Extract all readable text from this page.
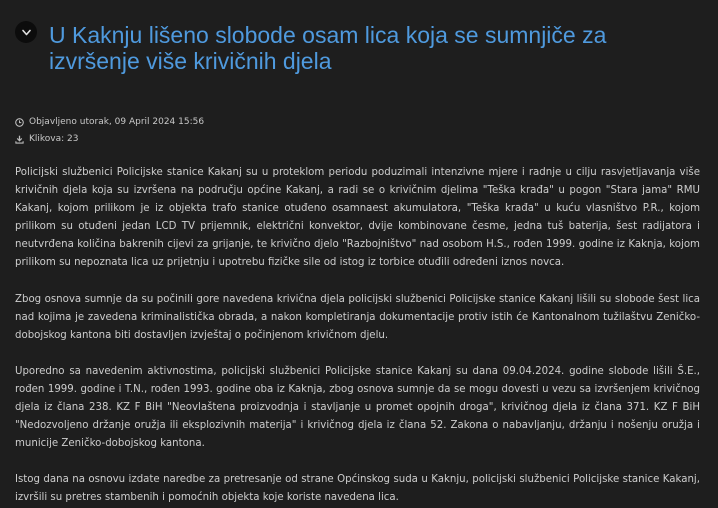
U Kaknju lišeno slobode osam lica koja se sumnjiče za izvršenje više krivičnih djela
Objavljeno utorak, 09 April 2024 15:56
Klikova: 23

Policijski službenici Policijske stanice Kakanj su u proteklom periodu poduzimali intenzivne mjere i radnje u cilju rasvjetljavanja više krivičnih djela koja su izvršena na području općine Kakanj, a radi se o krivičnim djelima "Teška krađa" u pogon "Stara jama" RMU Kakanj, kojom prilikom je iz objekta trafo stanice otuđeno osamnaest akumulatora, "Teška krađa" u kuću vlasništvo P.R., kojom prilikom su otuđeni jedan LCD TV prijemnik, električni konvektor, dvije kombinovane česme, jedna tuš baterija, šest radijatora i neutvrđena količina bakrenih cijevi za grijanje, te krivično djelo "Razbojništvo" nad osobom H.S., rođen 1999. godine iz Kaknja, kojom prilikom su nepoznata lica uz prijetnju i upotrebu fizičke sile od istog iz torbice otuđili određeni iznos novca.

Zbog osnova sumnje da su počinili gore navedena krivična djela policijski službenici Policijske stanice Kakanj lišili su slobode šest lica nad kojima je zavedena kriminalistička obrada, a nakon kompletiranja dokumentacije protiv istih će Kantonalnom tužilaštvu Zeničko-dobojskog kantona biti dostavljen izvještaj o počinjenom krivičnom djelu.

Uporedno sa navedenim aktivnostima, policijski službenici Policijske stanice Kakanj su dana 09.04.2024. godine slobode lišili Š.E., rođen 1999. godine i T.N., rođen 1993. godine oba iz Kaknja, zbog osnova sumnje da se mogu dovesti u vezu sa izvršenjem krivičnog djela iz člana 238. KZ F BiH "Neovlaštena proizvodnja i stavljanje u promet opojnih droga", krivičnog djela iz člana 371. KZ F BiH "Nedozvoljeno držanje oružja ili eksplozivnih materija" i krivičnog djela iz člana 52. Zakona o nabavljanju, držanju i nošenju oružja i municije Zeničko-dobojskog kantona.

Istog dana na osnovu izdate naredbe za pretresanje od strane Općinskog suda u Kaknju, policijski službenici Policijske stanice Kakanj, izvršili su pretres stambenih i pomoćnih objekta koje koriste navedena lica.
